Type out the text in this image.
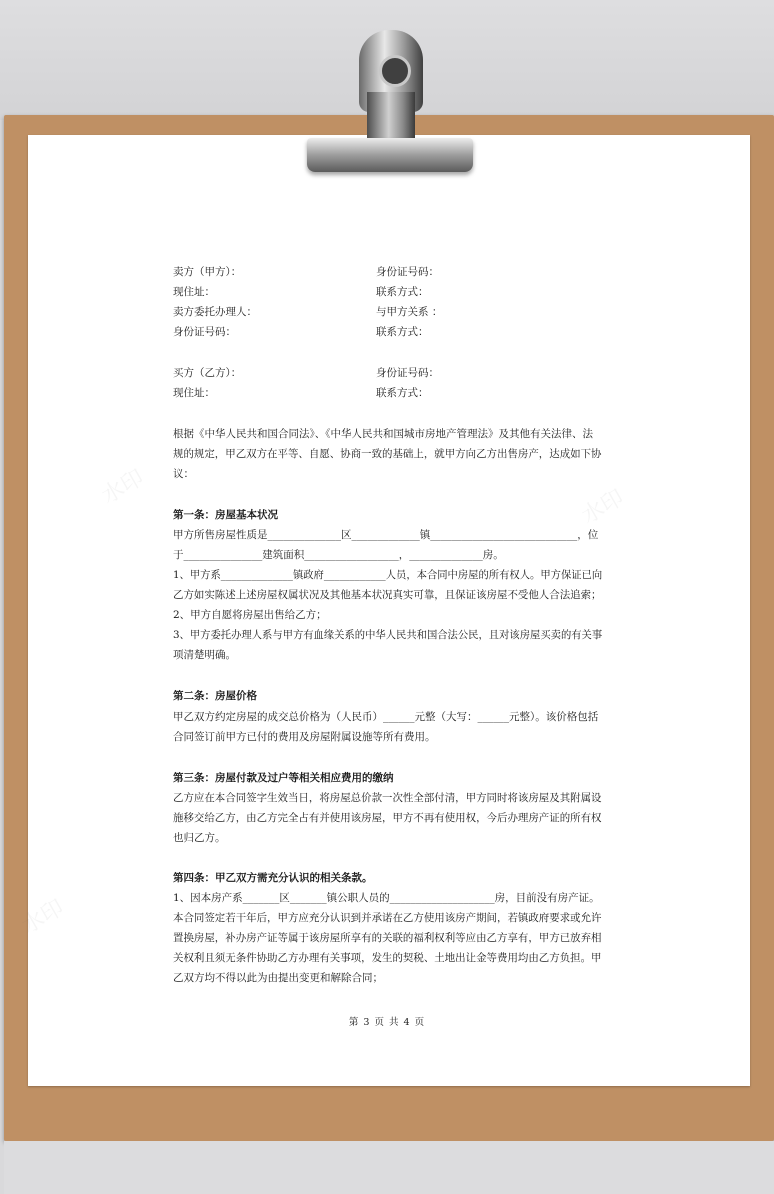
水印	水印
水印
卖方（甲方）：	身份证号码：
现住址：	联系方式：
卖方委托办理人：	与甲方关系 ：
身份证号码：	联系方式：
买方（乙方）：	身份证号码：
现住址：	联系方式：
根据《中华人民共和国合同法》、《中华人民共和国城市房地产管理法》及其他有关法律、法
规的规定，甲乙双方在平等、自愿、协商一致的基础上，就甲方向乙方出售房产，达成如下协
议：
第一条：房屋基本状况
甲方所售房屋性质是______________区_____________镇____________________________，位
于_______________建筑面积__________________，______________房。
1、甲方系______________镇政府____________人员，本合同中房屋的所有权人。甲方保证已向
乙方如实陈述上述房屋权属状况及其他基本状况真实可靠，且保证该房屋不受他人合法追索；
2、甲方自愿将房屋出售给乙方；
3、甲方委托办理人系与甲方有血缘关系的中华人民共和国合法公民，且对该房屋买卖的有关事
项清楚明确。
第二条：房屋价格
甲乙双方约定房屋的成交总价格为（人民币）______元整（大写：______元整）。该价格包括
合同签订前甲方已付的费用及房屋附属设施等所有费用。
第三条：房屋付款及过户等相关相应费用的缴纳
乙方应在本合同签字生效当日，将房屋总价款一次性全部付清，甲方同时将该房屋及其附属设
施移交给乙方，由乙方完全占有并使用该房屋，甲方不再有使用权，今后办理房产证的所有权
也归乙方。
第四条：甲乙双方需充分认识的相关条款。
1、因本房产系_______区_______镇公职人员的____________________房，目前没有房产证。
本合同签定若干年后，甲方应充分认识到并承诺在乙方使用该房产期间，若镇政府要求或允许
置换房屋，补办房产证等属于该房屋所享有的关联的福利权利等应由乙方享有，甲方已放弃相
关权利且须无条件协助乙方办理有关事项，发生的契税、土地出让金等费用均由乙方负担。甲
乙双方均不得以此为由提出变更和解除合同；
第 3 页 共 4 页
